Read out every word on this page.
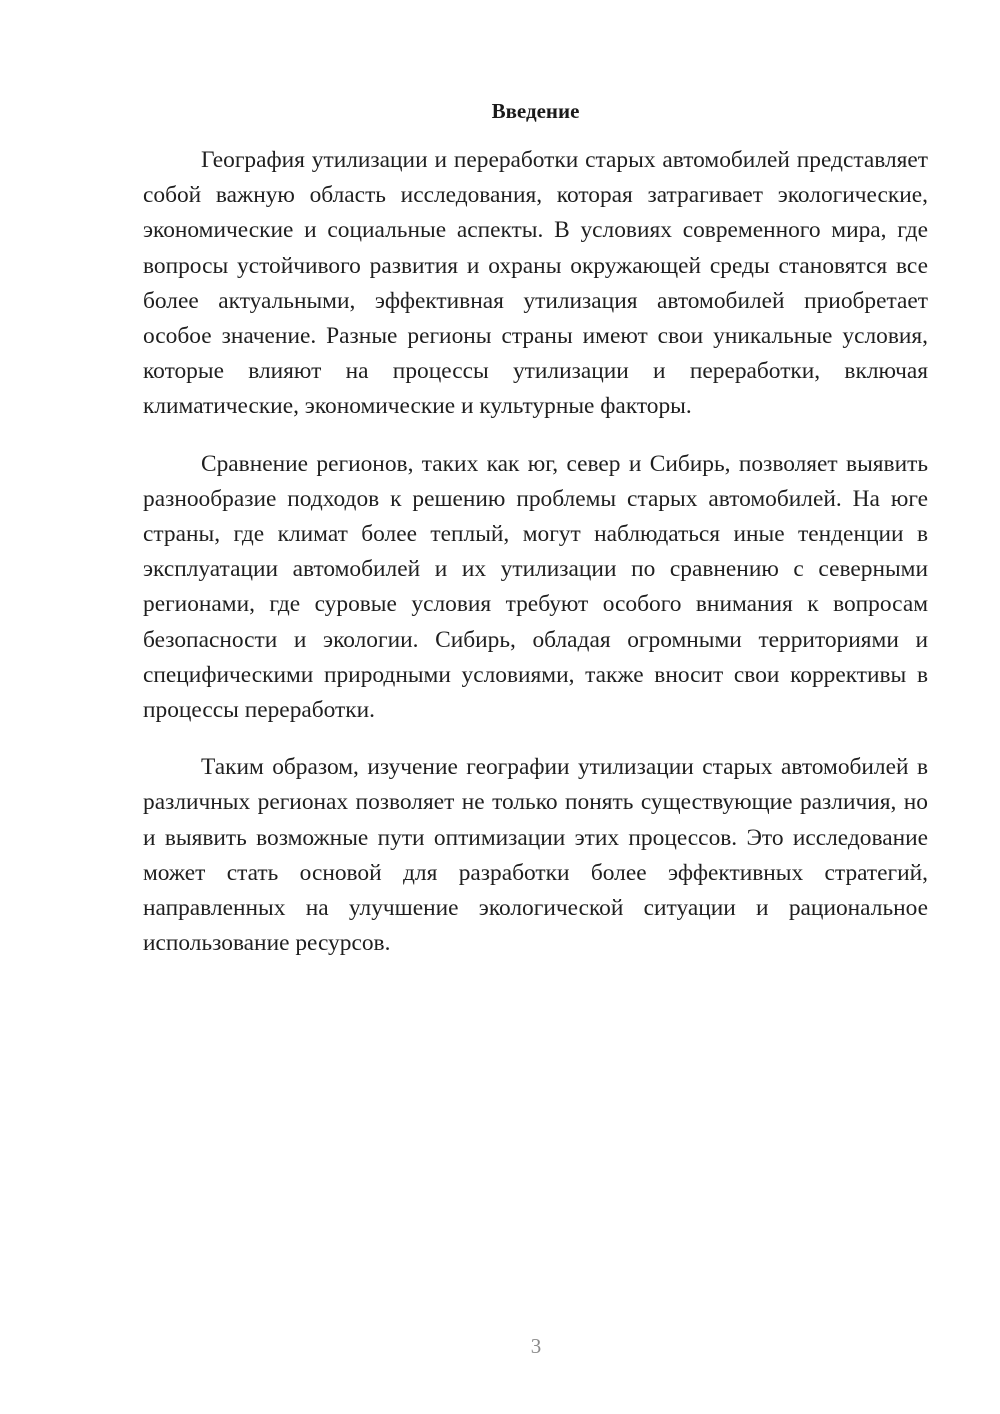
Введение

География утилизации и переработки старых автомобилей представляет собой важную область исследования, которая затрагивает экологические, экономические и социальные аспекты. В условиях современного мира, где вопросы устойчивого развития и охраны окружающей среды становятся все более актуальными, эффективная утилизация автомобилей приобретает особое значение. Разные регионы страны имеют свои уникальные условия, которые влияют на процессы утилизации и переработки, включая климатические, экономические и культурные факторы.

Сравнение регионов, таких как юг, север и Сибирь, позволяет выявить разнообразие подходов к решению проблемы старых автомобилей. На юге страны, где климат более теплый, могут наблюдаться иные тенденции в эксплуатации автомобилей и их утилизации по сравнению с северными регионами, где суровые условия требуют особого внимания к вопросам безопасности и экологии. Сибирь, обладая огромными территориями и специфическими природными условиями, также вносит свои коррективы в процессы переработки.

Таким образом, изучение географии утилизации старых автомобилей в различных регионах позволяет не только понять существующие различия, но и выявить возможные пути оптимизации этих процессов. Это исследование может стать основой для разработки более эффективных стратегий, направленных на улучшение экологической ситуации и рациональное использование ресурсов.

3
